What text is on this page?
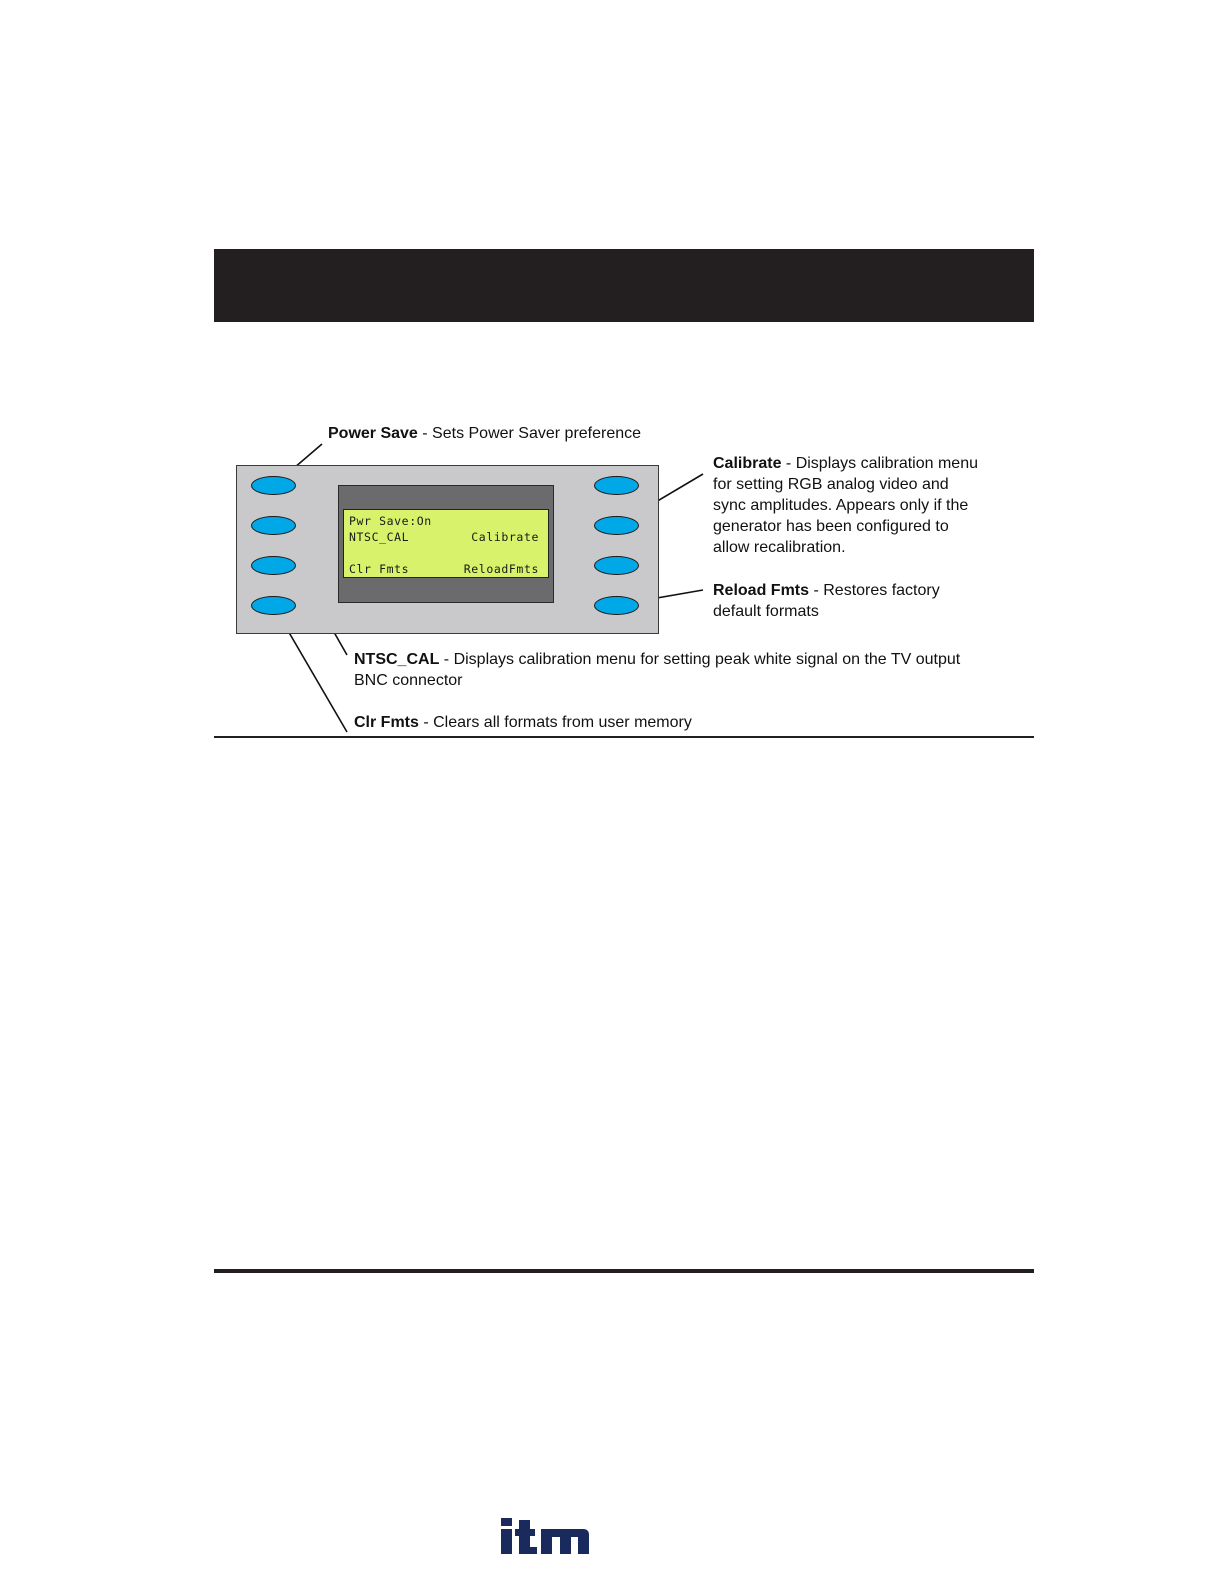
Pwr Save:On
NTSC_CAL	Calibrate
Clr Fmts	ReloadFmts
Power Save - Sets Power Saver preference
Calibrate - Displays calibration menu
for setting RGB analog video and
sync amplitudes. Appears only if the
generator has been configured to
allow recalibration.
Reload Fmts - Restores factory
default formats
NTSC_CAL - Displays calibration menu for setting peak white signal on the TV output
BNC connector
Clr Fmts - Clears all formats from user memory
